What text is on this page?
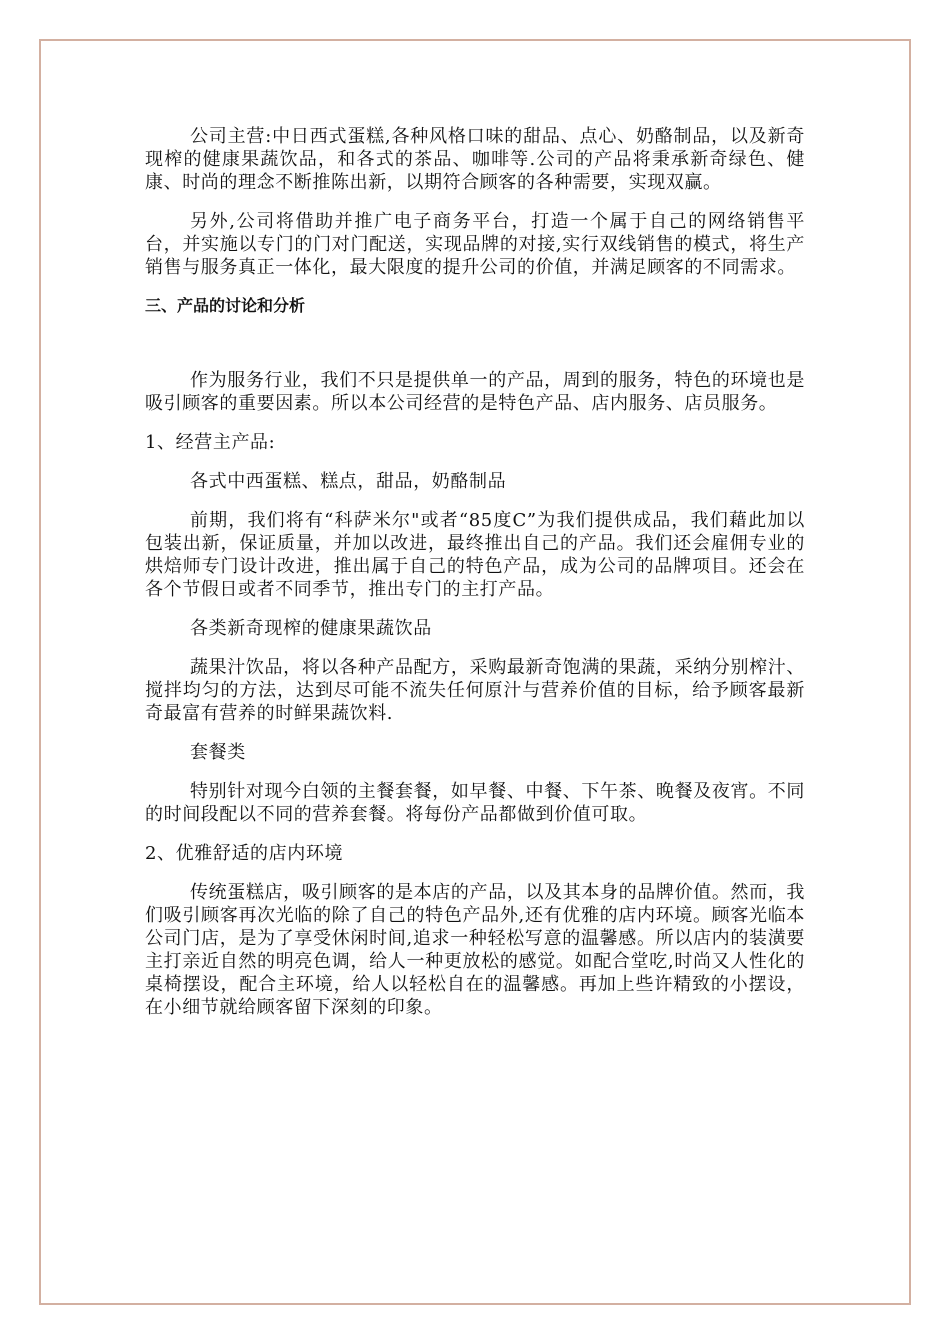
公司主营:中日西式蛋糕,各种风格口味的甜品、点心、奶酪制品，以及新奇现榨的健康果蔬饮品，和各式的茶品、咖啡等.公司的产品将秉承新奇绿色、健康、时尚的理念不断推陈出新，以期符合顾客的各种需要，实现双赢。

另外,公司将借助并推广电子商务平台，打造一个属于自己的网络销售平台，并实施以专门的门对门配送，实现品牌的对接,实行双线销售的模式，将生产销售与服务真正一体化，最大限度的提升公司的价值，并满足顾客的不同需求。

三、产品的讨论和分析

作为服务行业，我们不只是提供单一的产品，周到的服务，特色的环境也是吸引顾客的重要因素。所以本公司经营的是特色产品、店内服务、店员服务。

1、经营主产品:
各式中西蛋糕、糕点，甜品，奶酪制品

前期，我们将有“科萨米尔"或者“85度C”为我们提供成品，我们藉此加以包装出新，保证质量，并加以改进，最终推出自己的产品。我们还会雇佣专业的烘焙师专门设计改进，推出属于自己的特色产品，成为公司的品牌项目。还会在各个节假日或者不同季节，推出专门的主打产品。

各类新奇现榨的健康果蔬饮品

蔬果汁饮品，将以各种产品配方，采购最新奇饱满的果蔬，采纳分别榨汁、搅拌均匀的方法，达到尽可能不流失任何原汁与营养价值的目标，给予顾客最新奇最富有营养的时鲜果蔬饮料.

套餐类

特别针对现今白领的主餐套餐，如早餐、中餐、下午茶、晚餐及夜宵。不同的时间段配以不同的营养套餐。将每份产品都做到价值可取。

2、优雅舒适的店内环境

传统蛋糕店，吸引顾客的是本店的产品，以及其本身的品牌价值。然而，我们吸引顾客再次光临的除了自己的特色产品外,还有优雅的店内环境。顾客光临本公司门店，是为了享受休闲时间,追求一种轻松写意的温馨感。所以店内的装潢要主打亲近自然的明亮色调，给人一种更放松的感觉。如配合堂吃,时尚又人性化的桌椅摆设，配合主环境，给人以轻松自在的温馨感。再加上些许精致的小摆设，在小细节就给顾客留下深刻的印象。
